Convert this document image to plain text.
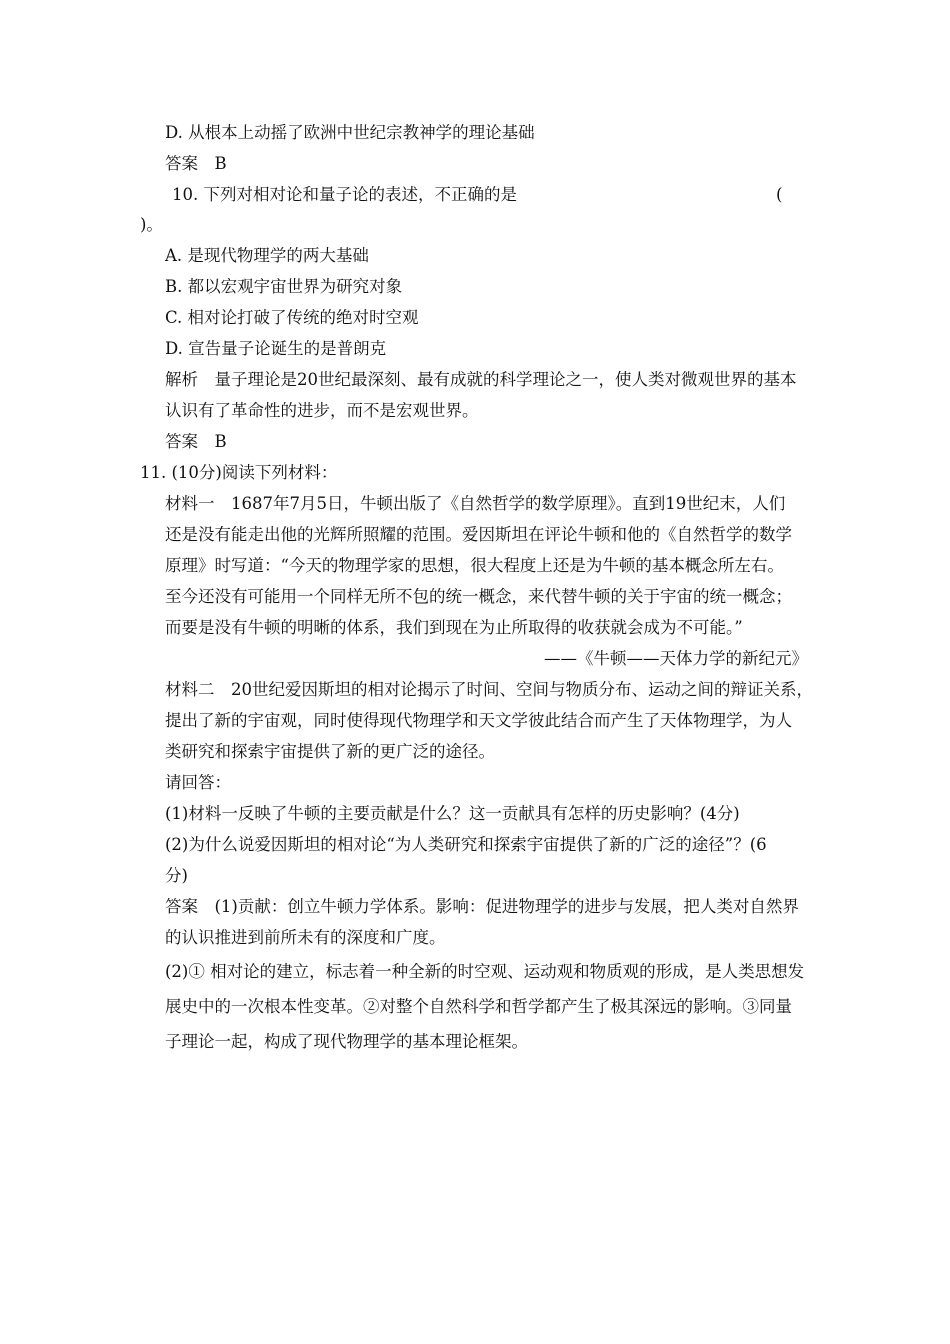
D. 从根本上动摇了欧洲中世纪宗教神学的理论基础
答案　B
10. 下列对相对论和量子论的表述，不正确的是	(
)。
A. 是现代物理学的两大基础
B. 都以宏观宇宙世界为研究对象
C. 相对论打破了传统的绝对时空观
D. 宣告量子论诞生的是普朗克
解析　量子理论是20世纪最深刻、最有成就的科学理论之一，使人类对微观世界的基本
认识有了革命性的进步，而不是宏观世界。
答案　B
11. (10分)阅读下列材料：
材料一　1687年7月5日，牛顿出版了《自然哲学的数学原理》。直到19世纪末，人们
还是没有能走出他的光辉所照耀的范围。爱因斯坦在评论牛顿和他的《自然哲学的数学
原理》时写道：“今天的物理学家的思想，很大程度上还是为牛顿的基本概念所左右。
至今还没有可能用一个同样无所不包的统一概念，来代替牛顿的关于宇宙的统一概念；
而要是没有牛顿的明晰的体系，我们到现在为止所取得的收获就会成为不可能。”
——《牛顿——天体力学的新纪元》
材料二　20世纪爱因斯坦的相对论揭示了时间、空间与物质分布、运动之间的辩证关系，
提出了新的宇宙观，同时使得现代物理学和天文学彼此结合而产生了天体物理学，为人
类研究和探索宇宙提供了新的更广泛的途径。
请回答：
(1)材料一反映了牛顿的主要贡献是什么？这一贡献具有怎样的历史影响？(4分)
(2)为什么说爱因斯坦的相对论“为人类研究和探索宇宙提供了新的广泛的途径”？(6
分)
答案　(1)贡献：创立牛顿力学体系。影响：促进物理学的进步与发展，把人类对自然界
的认识推进到前所未有的深度和广度。
(2)① 相对论的建立，标志着一种全新的时空观、运动观和物质观的形成，是人类思想发
展史中的一次根本性变革。②对整个自然科学和哲学都产生了极其深远的影响。③同量
子理论一起，构成了现代物理学的基本理论框架。
